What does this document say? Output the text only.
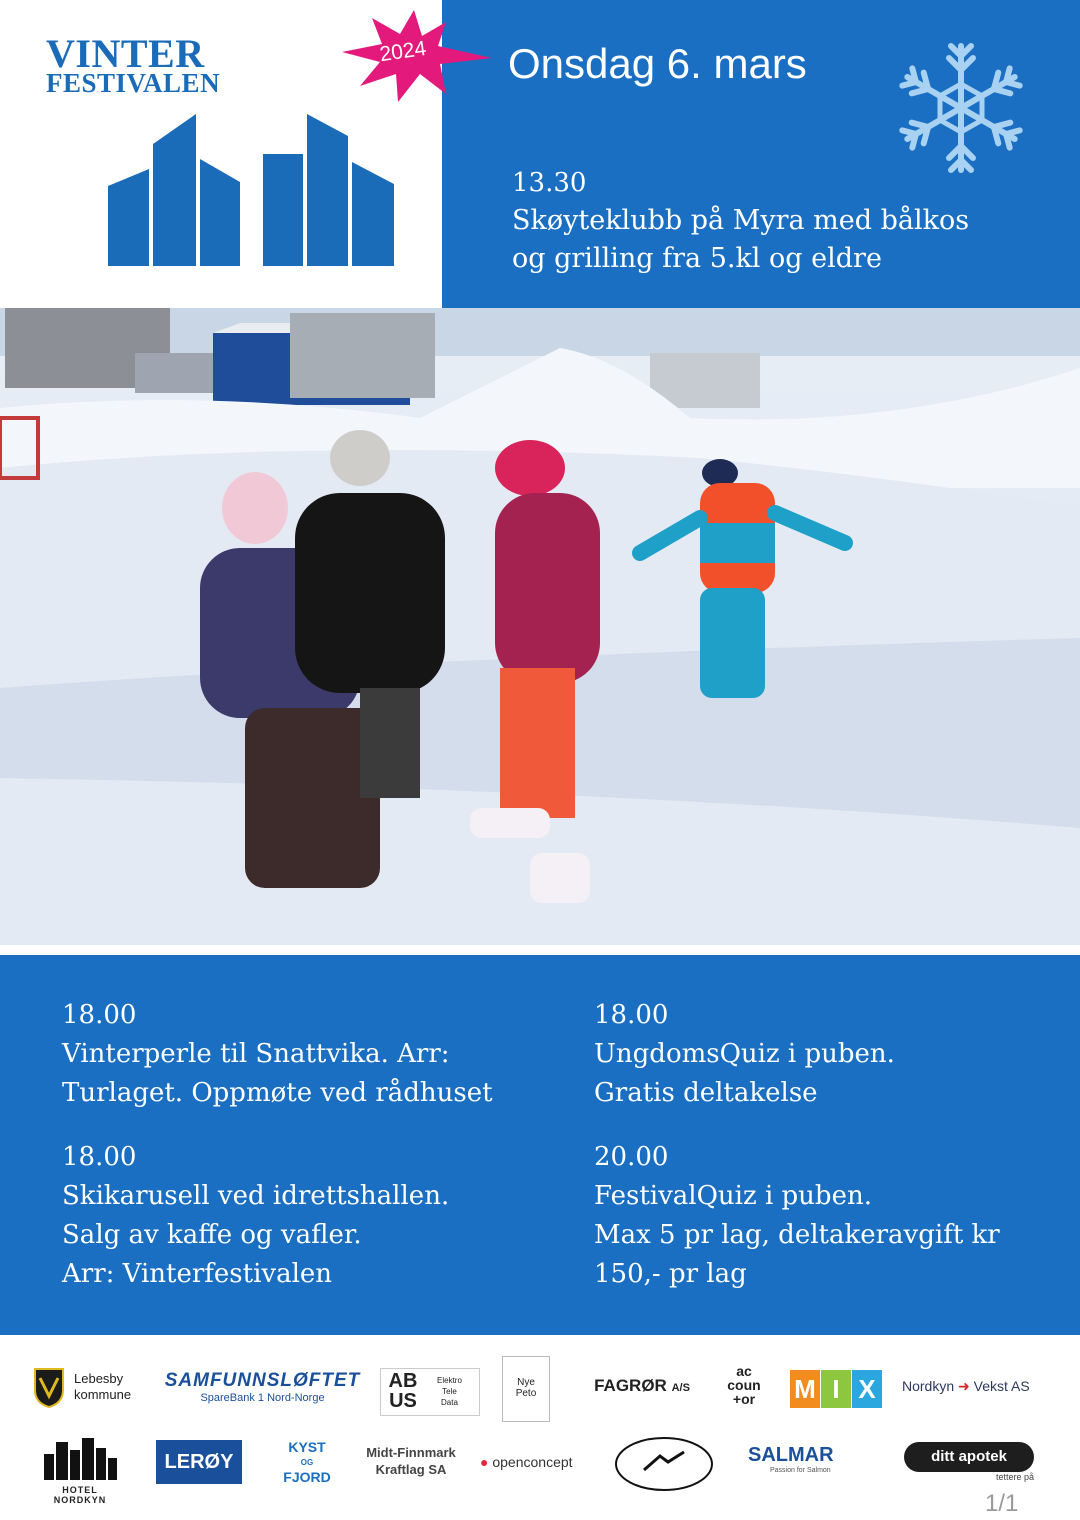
VINTER
FESTIVALEN	Onsdag 6. mars
13.30
Skøyteklubb på Myra med bålkos
og grilling fra 5.kl og eldre
2024
18.00
Vinterperle til Snattvika. Arr:
Turlaget. Oppmøte ved rådhuset
18.00
UngdomsQuiz i puben.
Gratis deltakelse
18.00
Skikarusell ved idrettshallen.
Salg av kaffe og vafler.
Arr: Vinterfestivalen
20.00
FestivalQuiz i puben.
Max 5 pr lag, deltakeravgift kr
150,- pr lag
Lebesby
kommune
SAMFUNNSLØFTET
SpareBank 1 Nord-Norge
AB US
Elektro
Tele
Data
Nye
Peto	FAGRØR A/S
ac
coun
+or	M I X	Nordkyn ➜ Vekst AS
HOTEL NORDKYN
LERØY
KYST
OG
FJORD
Midt-Finnmark
Kraftlag SA	● openconcept	SALMAR
Passion for Salmon
ditt apotek
tettere på
1/1
